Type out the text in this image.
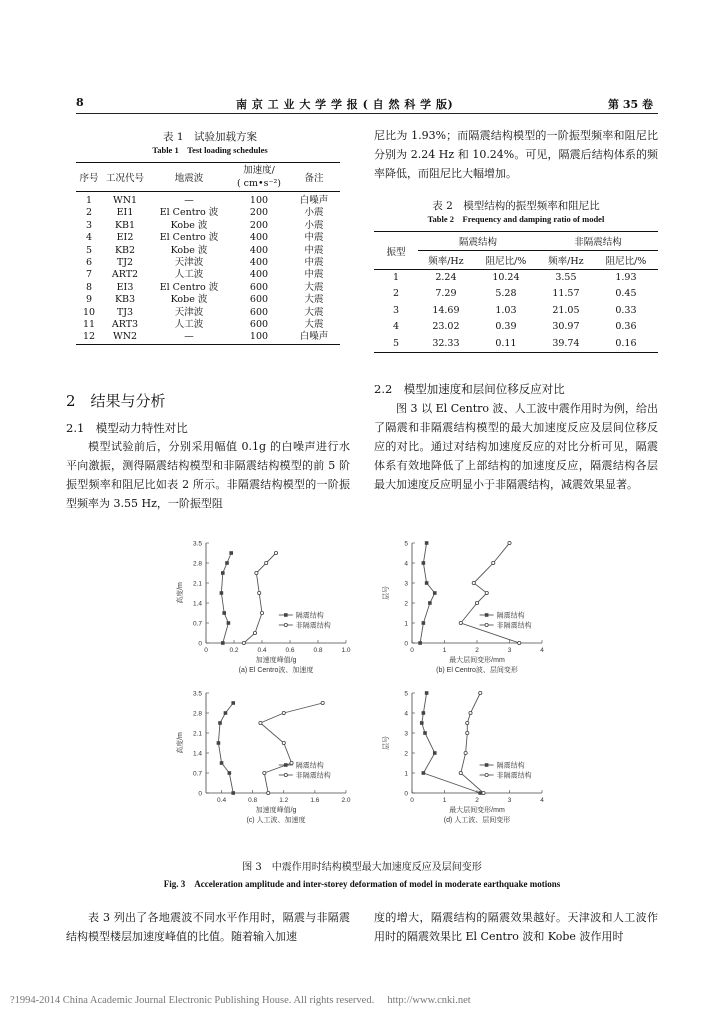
8	南 京 工 业 大 学 学 报 ( 自 然 科 学 版)	第 35 卷
表 1　试验加载方案
Table 1　Test loading schedules
序号	工况代号	地震波	加速度/
( cm•s⁻²)	备注
1	WN1	—	100	白噪声
2	EI1	El Centro 波	200	小震
3	KB1	Kobe 波	200	小震
4	EI2	El Centro 波	400	中震
5	KB2	Kobe 波	400	中震
6	TJ2	天津波	400	中震
7	ART2	人工波	400	中震
8	EI3	El Centro 波	600	大震
9	KB3	Kobe 波	600	大震
10	TJ3	天津波	600	大震
11	ART3	人工波	600	大震
12	WN2	—	100	白噪声
尼比为 1.93%；而隔震结构模型的一阶振型频率和阻尼比分别为 2.24 Hz 和 10.24%。可见，隔震后结构体系的频率降低，而阻尼比大幅增加。
表 2　模型结构的振型频率和阻尼比
Table 2　Frequency and damping ratio of model
振型	隔震结构		非隔震结构	
	频率/Hz	阻尼比/%	频率/Hz	阻尼比/%
1	2.24	10.24	3.55	1.93
2	7.29	5.28	11.57	0.45
3	14.69	1.03	21.05	0.33
4	23.02	0.39	30.97	0.36
5	32.33	0.11	39.74	0.16
2　结果与分析
2.1　模型动力特性对比
模型试验前后，分别采用幅值 0.1g 的白噪声进行水平向激振，测得隔震结构模型和非隔震结构模型的前 5 阶振型频率和阻尼比如表 2 所示。非隔震结构模型的一阶振型频率为 3.55 Hz，一阶振型阻
2.2　模型加速度和层间位移反应对比
图 3 以 El Centro 波、人工波中震作用时为例，给出了隔震和非隔震结构模型的最大加速度反应及层间位移反应的对比。通过对结构加速度反应的对比分析可见，隔震体系有效地降低了上部结构的加速度反应，隔震结构各层最大加速度反应明显小于非隔震结构，减震效果显著。
0	0.2	0.4	0.6	0.8	1.0
0
0.7
1.4
2.1
2.8
3.5
隔震结构
非隔震结构
高度/m
加速度峰值/g
(a) El Centro波、加速度
0	1	2	3	4
0
1
2
3
4
5
隔震结构
非隔震结构
层号
最大层间变形/mm
(b) El Centro波、层间变形
0.4	0.8	1.2	1.6	2.0
0
0.7
1.4
2.1
2.8
3.5
隔震结构
非隔震结构
高度/m
加速度峰值/g
(c) 人工波、加速度
0	1	2	3	4
0
1
2
3
4
5
隔震结构
非隔震结构
层号
最大层间变形/mm
(d) 人工波、层间变形
图 3　中震作用时结构模型最大加速度反应及层间变形
Fig. 3　Acceleration amplitude and inter-storey deformation of model in moderate earthquake motions
表 3 列出了各地震波不同水平作用时，隔震与非隔震结构模型楼层加速度峰值的比值。随着输入加速
度的增大，隔震结构的隔震效果越好。天津波和人工波作用时的隔震效果比 El Centro 波和 Kobe 波作用时
?1994-2014 China Academic Journal Electronic Publishing House. All rights reserved.　 http://www.cnki.net
